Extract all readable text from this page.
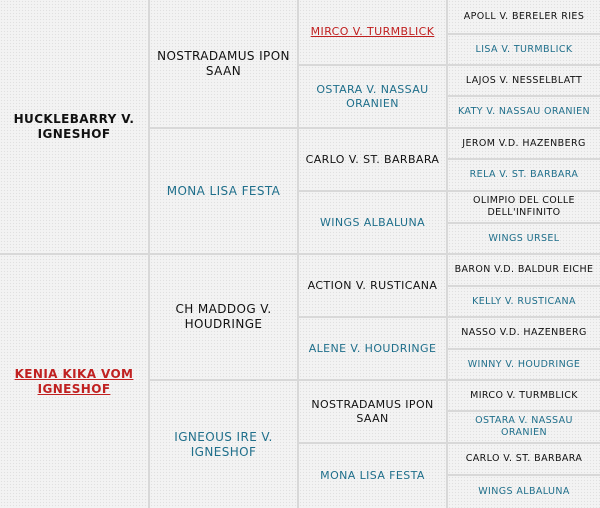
HUCKLEBARRY V. IGNESHOF
KENIA KIKA VOM IGNESHOF
NOSTRADAMUS IPON SAAN
MONA LISA FESTA
CH MADDOG V. HOUDRINGE
IGNEOUS IRE V. IGNESHOF
MIRCO V. TURMBLICK
OSTARA V. NASSAU ORANIEN
CARLO V. ST. BARBARA
WINGS ALBALUNA
ACTION V. RUSTICANA
ALENE V. HOUDRINGE
NOSTRADAMUS IPON SAAN
MONA LISA FESTA
APOLL V. BERELER RIES
LISA V. TURMBLICK
LAJOS V. NESSELBLATT
KATY V. NASSAU ORANIEN
JEROM V.D. HAZENBERG
RELA V. ST. BARBARA
OLIMPIO DEL COLLE DELL'INFINITO
WINGS URSEL
BARON V.D. BALDUR EICHE
KELLY V. RUSTICANA
NASSO V.D. HAZENBERG
WINNY V. HOUDRINGE
MIRCO V. TURMBLICK
OSTARA V. NASSAU ORANIEN
CARLO V. ST. BARBARA
WINGS ALBALUNA
